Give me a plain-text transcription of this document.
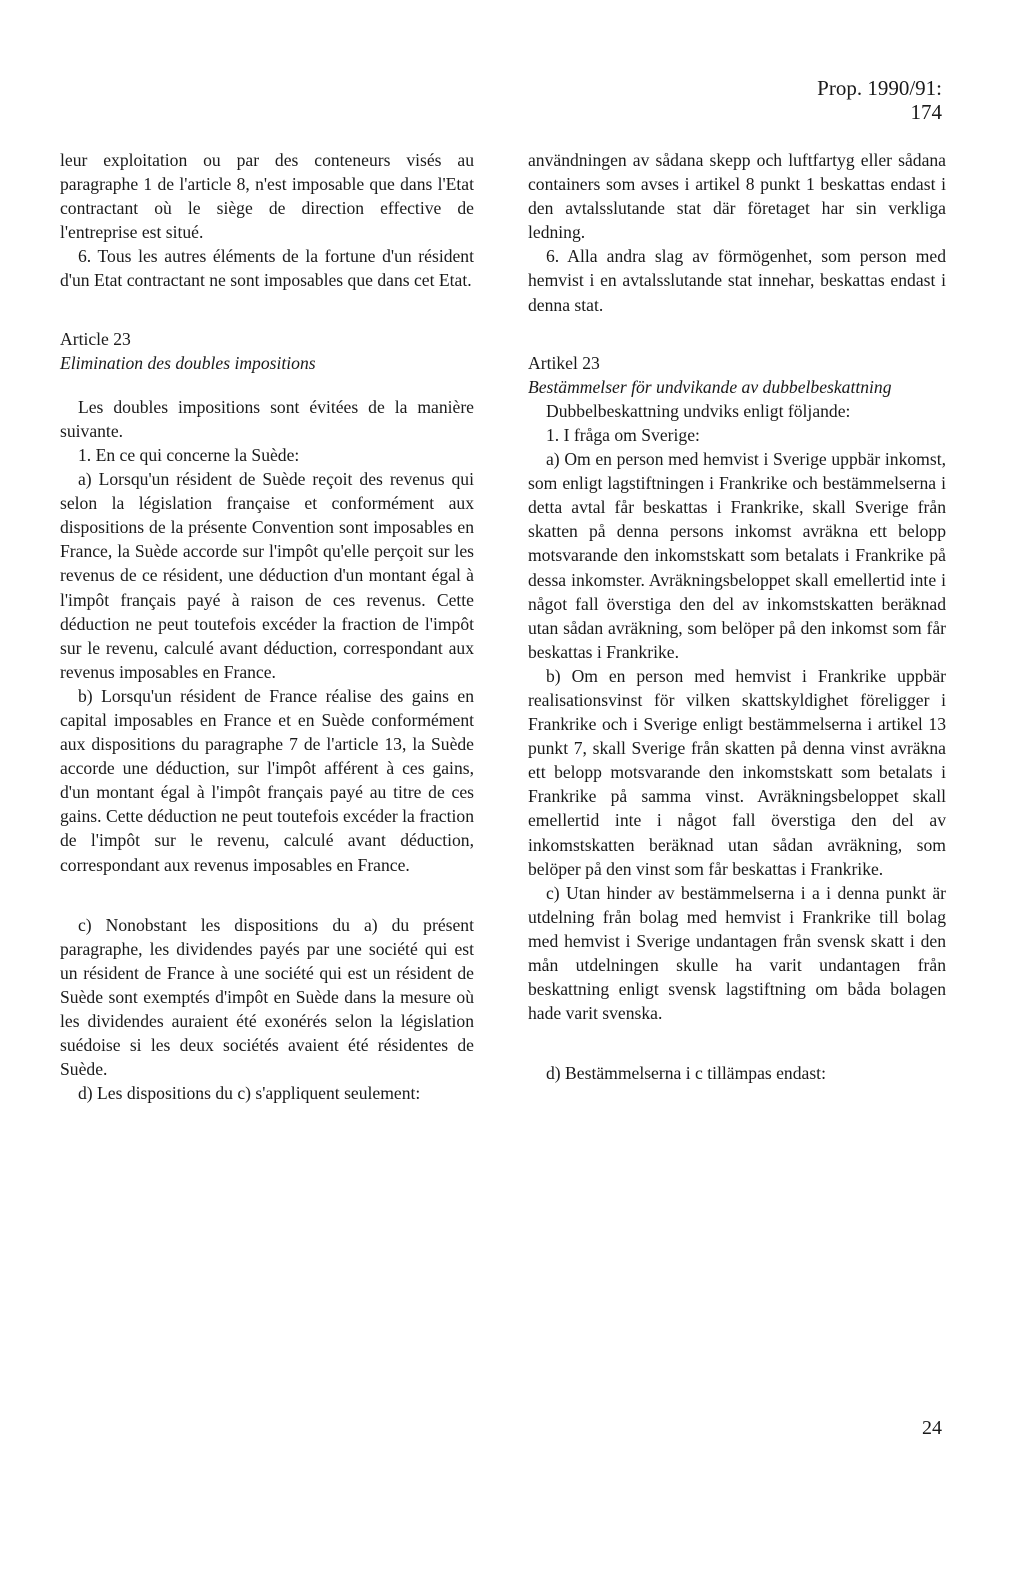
Prop. 1990/91: 174

leur exploitation ou par des conteneurs visés au paragraphe 1 de l'article 8, n'est imposable que dans l'Etat contractant où le siège de direction effective de l'entreprise est situé.

6. Tous les autres éléments de la fortune d'un résident d'un Etat contractant ne sont imposables que dans cet Etat.

Article 23

Elimination des doubles impositions

Les doubles impositions sont évitées de la manière suivante.

1. En ce qui concerne la Suède:

a) Lorsqu'un résident de Suède reçoit des revenus qui selon la législation française et conformément aux dispositions de la présente Convention sont imposables en France, la Suède accorde sur l'impôt qu'elle perçoit sur les revenus de ce résident, une déduction d'un montant égal à l'impôt français payé à raison de ces revenus. Cette déduction ne peut toutefois excéder la fraction de l'impôt sur le revenu, calculé avant déduction, correspondant aux revenus imposables en France.

b) Lorsqu'un résident de France réalise des gains en capital imposables en France et en Suède conformément aux dispositions du paragraphe 7 de l'article 13, la Suède accorde une déduction, sur l'impôt afférent à ces gains, d'un montant égal à l'impôt français payé au titre de ces gains. Cette déduction ne peut toutefois excéder la fraction de l'impôt sur le revenu, calculé avant déduction, correspondant aux revenus imposables en France.

c) Nonobstant les dispositions du a) du présent paragraphe, les dividendes payés par une société qui est un résident de France à une société qui est un résident de Suède sont exemptés d'impôt en Suède dans la mesure où les dividendes auraient été exonérés selon la législation suédoise si les deux sociétés avaient été résidentes de Suède.

d) Les dispositions du c) s'appliquent seulement:

användningen av sådana skepp och luftfartyg eller sådana containers som avses i artikel 8 punkt 1 beskattas endast i den avtalsslutande stat där företaget har sin verkliga ledning.

6. Alla andra slag av förmögenhet, som person med hemvist i en avtalsslutande stat innehar, beskattas endast i denna stat.

Artikel 23

Bestämmelser för undvikande av dubbelbeskattning

Dubbelbeskattning undviks enligt följande:

1. I fråga om Sverige:

a) Om en person med hemvist i Sverige uppbär inkomst, som enligt lagstiftningen i Frankrike och bestämmelserna i detta avtal får beskattas i Frankrike, skall Sverige från skatten på denna persons inkomst avräkna ett belopp motsvarande den inkomstskatt som betalats i Frankrike på dessa inkomster. Avräkningsbeloppet skall emellertid inte i något fall överstiga den del av inkomstskatten beräknad utan sådan avräkning, som belöper på den inkomst som får beskattas i Frankrike.

b) Om en person med hemvist i Frankrike uppbär realisationsvinst för vilken skattskyldighet föreligger i Frankrike och i Sverige enligt bestämmelserna i artikel 13 punkt 7, skall Sverige från skatten på denna vinst avräkna ett belopp motsvarande den inkomstskatt som betalats i Frankrike på samma vinst. Avräkningsbeloppet skall emellertid inte i något fall överstiga den del av inkomstskatten beräknad utan sådan avräkning, som belöper på den vinst som får beskattas i Frankrike.

c) Utan hinder av bestämmelserna i a i denna punkt är utdelning från bolag med hemvist i Frankrike till bolag med hemvist i Sverige undantagen från svensk skatt i den mån utdelningen skulle ha varit undantagen från beskattning enligt svensk lagstiftning om båda bolagen hade varit svenska.

d) Bestämmelserna i c tillämpas endast:

24
